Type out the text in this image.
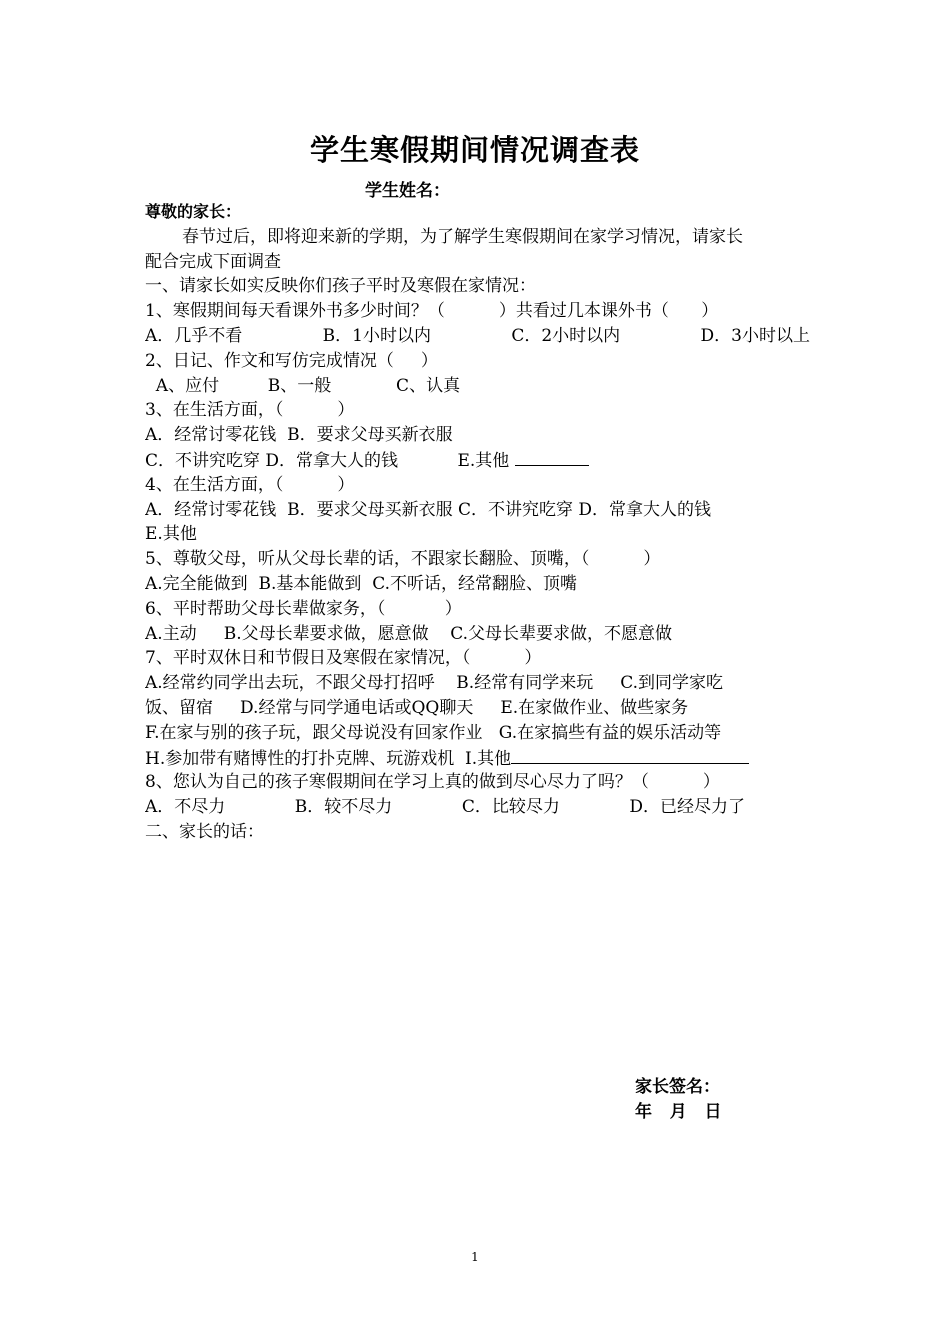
学生寒假期间情况调查表
学生姓名：
尊敬的家长：
春节过后，即将迎来新的学期，为了解学生寒假期间在家学习情况，请家长
配合完成下面调查
一、请家长如实反映你们孩子平时及寒假在家情况：
1、寒假期间每天看课外书多少时间？（          ）共看过几本课外书（      ）
A．几乎不看	B．1小时以内	C．2小时以内	D．3小时以上
2、日记、作文和写仿完成情况（     ）
A、应付         B、一般            C、认真
3、在生活方面，（          ）
A．经常讨零花钱  B．要求父母买新衣服
C．不讲究吃穿 D．常拿大人的钱           E.其他
4、在生活方面，（          ）
A．经常讨零花钱  B．要求父母买新衣服 C．不讲究吃穿 D．常拿大人的钱
E.其他
5、尊敬父母，听从父母长辈的话，不跟家长翻脸、顶嘴，（          ）
A.完全能做到  B.基本能做到  C.不听话，经常翻脸、顶嘴
6、平时帮助父母长辈做家务，（           ）
A.主动     B.父母长辈要求做，愿意做    C.父母长辈要求做，不愿意做
7、平时双休日和节假日及寒假在家情况，（          ）
A.经常约同学出去玩，不跟父母打招呼    B.经常有同学来玩     C.到同学家吃
饭、留宿     D.经常与同学通电话或QQ聊天     E.在家做作业、做些家务
F.在家与别的孩子玩，跟父母说没有回家作业   G.在家搞些有益的娱乐活动等
H.参加带有赌博性的打扑克牌、玩游戏机  I.其他
8、您认为自己的孩子寒假期间在学习上真的做到尽心尽力了吗？（          ）
A．不尽力	B．较不尽力	C．比较尽力	D．已经尽力了
二、家长的话：
家长签名：
年   月   日
1
